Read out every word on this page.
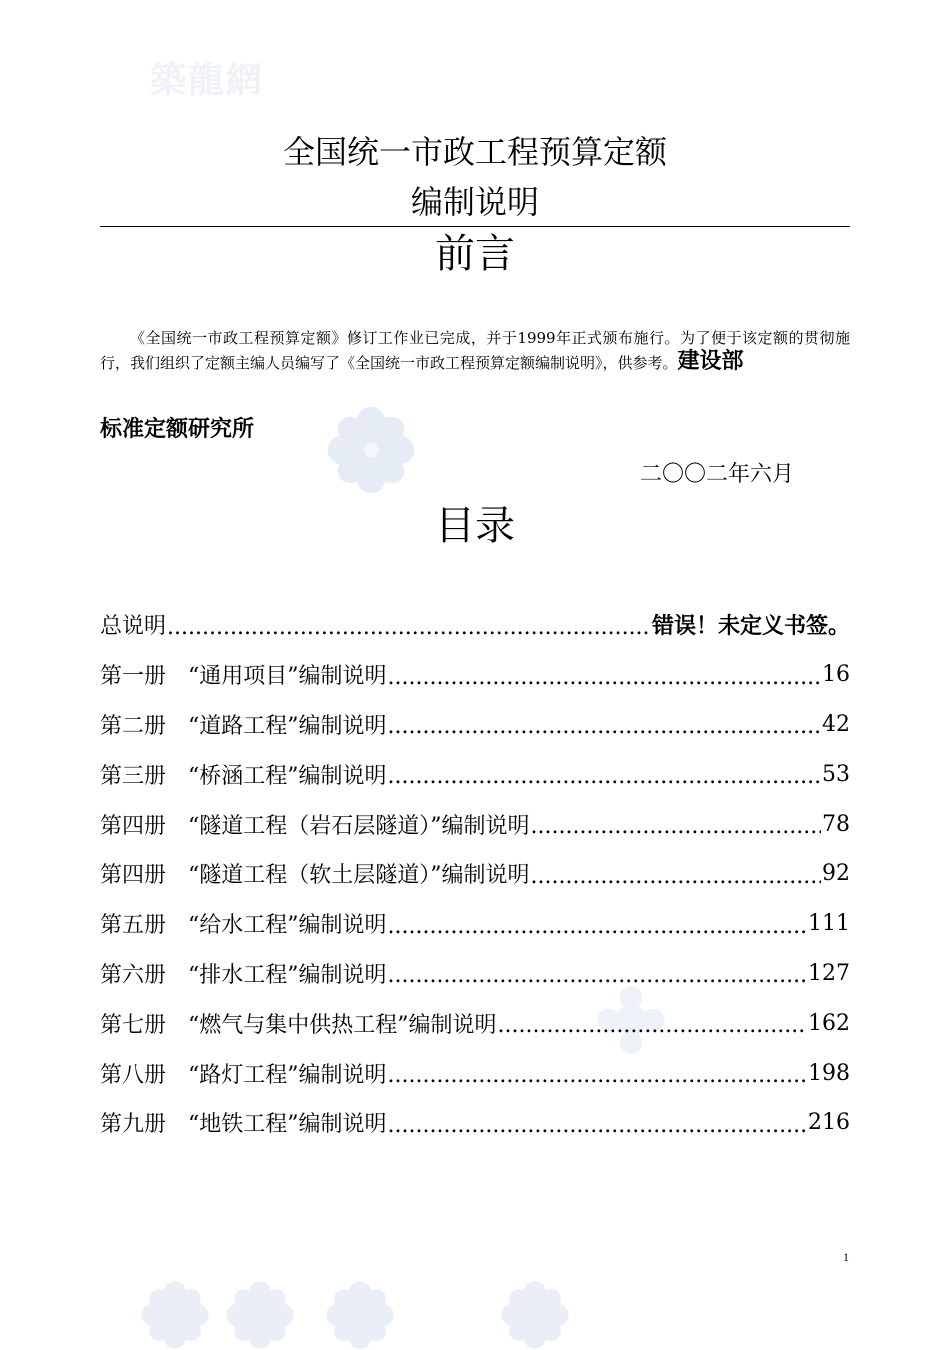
築龍網
全国统一市政工程预算定额
编制说明
前言

《全国统一市政工程预算定额》修订工作业已完成，并于1999年正式颁布施行。为了便于该定额的贯彻施行，我们组织了定额主编人员编写了《全国统一市政工程预算定额编制说明》，供参考。建设部

标准定额研究所
二〇〇二年六月
目录
总说明 .....	错误！未定义书签。
第一册　“通用项目”编制说明 .....	16
第二册　“道路工程”编制说明 .....	42
第三册　“桥涵工程”编制说明 .....	53
第四册　“隧道工程（岩石层隧道）”编制说明 .....	78
第四册　“隧道工程（软土层隧道）”编制说明 .....	92
第五册　“给水工程”编制说明 .....	111
第六册　“排水工程”编制说明 .....	127
第七册　“燃气与集中供热工程”编制说明 .....	162
第八册　“路灯工程”编制说明 .....	198
第九册　“地铁工程”编制说明 .....	216
1
